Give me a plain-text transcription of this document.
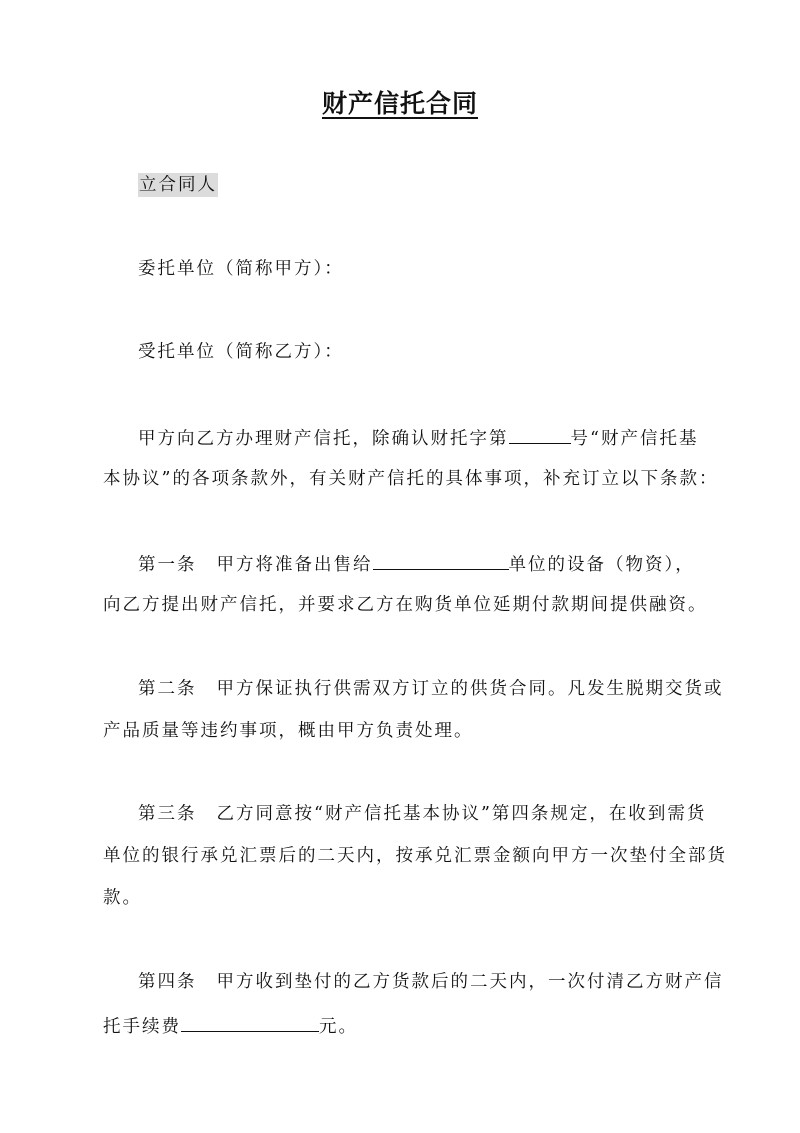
财产信托合同
立合同人
委托单位（简称甲方）：
受托单位（简称乙方）：
甲方向乙方办理财产信托，除确认财托字第	号“财产信托基
本协议”的各项条款外，有关财产信托的具体事项，补充订立以下条款：
第一条 甲方将准备出售给	单位的设备（物资），
向乙方提出财产信托，并要求乙方在购货单位延期付款期间提供融资。
第二条 甲方保证执行供需双方订立的供货合同。凡发生脱期交货或
产品质量等违约事项，概由甲方负责处理。
第三条 乙方同意按“财产信托基本协议”第四条规定，在收到需货
单位的银行承兑汇票后的二天内，按承兑汇票金额向甲方一次垫付全部货
款。
第四条 甲方收到垫付的乙方货款后的二天内，一次付清乙方财产信
托手续费	元。
